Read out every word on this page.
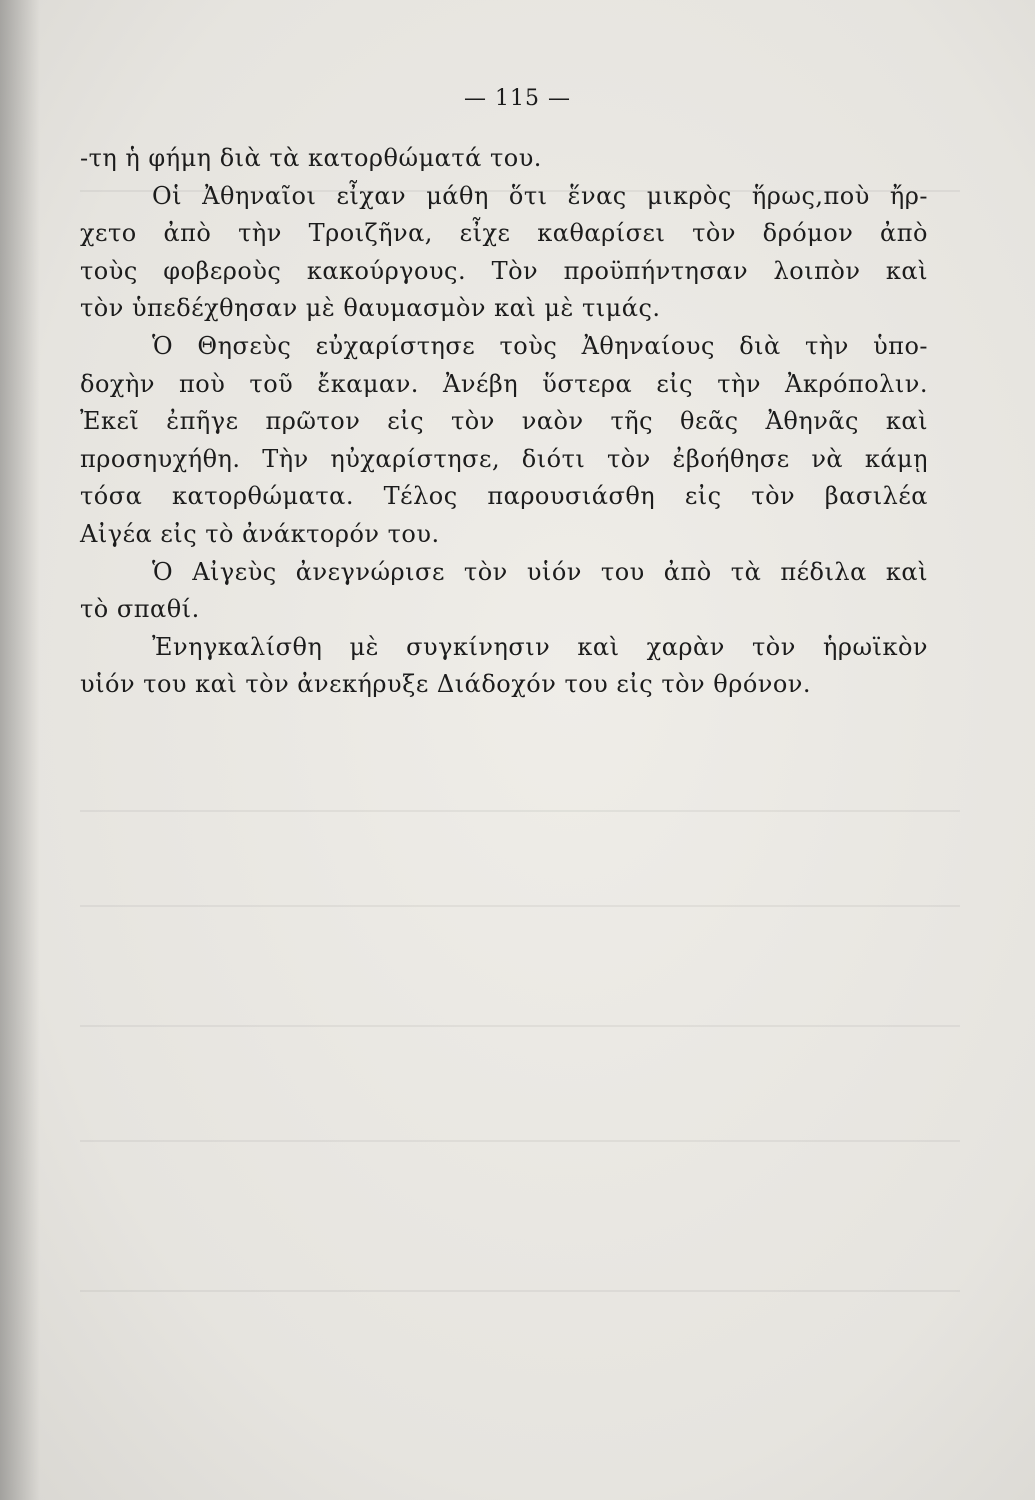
— 115 —
-τη ἡ φήμη διὰ τὰ κατορθώματά του.
Οἱ Ἀθηναῖοι εἶχαν μάθη ὅτι ἕνας μικρὸς ἥρως,ποὺ ἤρ-
χετο ἀπὸ τὴν Τροιζῆνα, εἶχε καθαρίσει τὸν δρόμον ἀπὸ
τοὺς φοβεροὺς κακούργους. Τὸν προϋπήντησαν λοιπὸν καὶ
τὸν ὑπεδέχθησαν μὲ θαυμασμὸν καὶ μὲ τιμάς.
Ὁ Θησεὺς εὐχαρίστησε τοὺς Ἀθηναίους διὰ τὴν ὑπο-
δοχὴν ποὺ τοῦ ἔκαμαν. Ἀνέβη ὕστερα εἰς τὴν Ἀκρόπολιν.
Ἐκεῖ ἐπῆγε πρῶτον εἰς τὸν ναὸν τῆς θεᾶς Ἀθηνᾶς καὶ
προσηυχήθη. Τὴν ηὐχαρίστησε, διότι τὸν ἐβοήθησε νὰ κάμῃ
τόσα κατορθώματα. Τέλος παρουσιάσθη εἰς τὸν βασιλέα
Αἰγέα εἰς τὸ ἀνάκτορόν του.
Ὁ Αἰγεὺς ἀνεγνώρισε τὸν υἱόν του ἀπὸ τὰ πέδιλα καὶ
τὸ σπαθί.
Ἐνηγκαλίσθη μὲ συγκίνησιν καὶ χαρὰν τὸν ἡρωϊκὸν
υἱόν του καὶ τὸν ἀνεκήρυξε Διάδοχόν του εἰς τὸν θρόνον.
